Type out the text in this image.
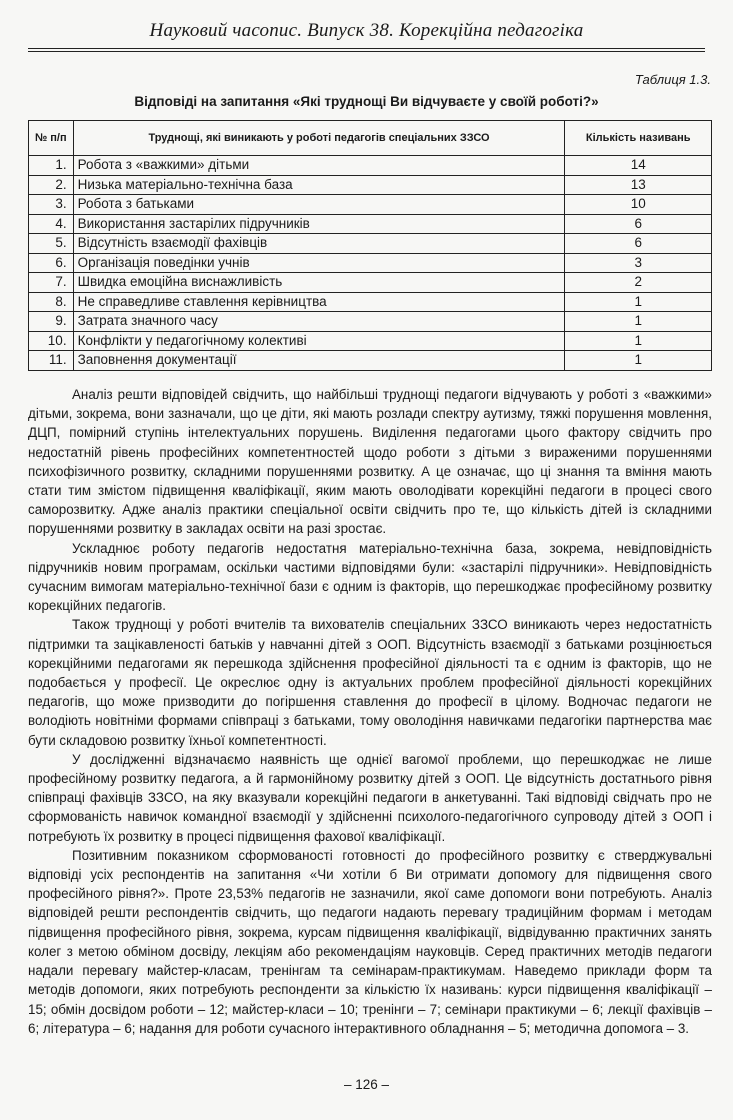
Науковий часопис. Випуск 38. Корекційна педагогіка
Таблиця 1.3.
Відповіді на запитання «Які труднощі Ви відчуваєте у своїй роботі?»
№ п/п	Труднощі, які виникають у роботі педагогів спеціальних ЗЗСО	Кількість називань
1.	Робота з «важкими» дітьми	14
2.	Низька матеріально-технічна база	13
3.	Робота з батьками	10
4.	Використання застарілих підручників	6
5.	Відсутність взаємодії фахівців	6
6.	Організація поведінки учнів	3
7.	Швидка емоційна виснажливість	2
8.	Не справедливе ставлення керівництва	1
9.	Затрата значного часу	1
10.	Конфлікти у педагогічному колективі	1
11.	Заповнення документації	1

Аналіз решти відповідей свідчить, що найбільші труднощі педагоги відчувають у роботі з «важкими» дітьми, зокрема, вони зазначали, що це діти, які мають розлади спектру аутизму, тяжкі порушення мовлення, ДЦП, помірний ступінь інтелектуальних порушень. Виділення педагогами цього фактору свідчить про недостатній рівень професійних компетентностей щодо роботи з дітьми з вираженими порушеннями психофізичного розвитку, складними порушеннями розвитку. А це означає, що ці знання та вміння мають стати тим змістом підвищення кваліфікації, яким мають оволодівати корекційні педагоги в процесі свого саморозвитку. Адже аналіз практики спеціальної освіти свідчить про те, що кількість дітей із складними порушеннями розвитку в закладах освіти на разі зростає.

Ускладнює роботу педагогів недостатня матеріально-технічна база, зокрема, невідповідність підручників новим програмам, оскільки частими відповідями були: «застарілі підручники». Невідповідність сучасним вимогам матеріально-технічної бази є одним із факторів, що перешкоджає професійному розвитку корекційних педагогів.

Також труднощі у роботі вчителів та вихователів спеціальних ЗЗСО виникають через недостатність підтримки та зацікавленості батьків у навчанні дітей з ООП. Відсутність взаємодії з батьками розцінюється корекційними педагогами як перешкода здійснення професійної діяльності та є одним із факторів, що не подобається у професії. Це окреслює одну із актуальних проблем професійної діяльності корекційних педагогів, що може призводити до погіршення ставлення до професії в цілому. Водночас педагоги не володіють новітніми формами співпраці з батьками, тому оволодіння навичками педагогіки партнерства має бути складовою розвитку їхньої компетентності.

У дослідженні відзначаємо наявність ще однієї вагомої проблеми, що перешкоджає не лише професійному розвитку педагога, а й гармонійному розвитку дітей з ООП. Це відсутність достатнього рівня співпраці фахівців ЗЗСО, на яку вказували корекційні педагоги в анкетуванні. Такі відповіді свідчать про не сформованість навичок командної взаємодії у здійсненні психолого-педагогічного супроводу дітей з ООП і потребують їх розвитку в процесі підвищення фахової кваліфікації.

Позитивним показником сформованості готовності до професійного розвитку є стверджувальні відповіді усіх респондентів на запитання «Чи хотіли б Ви отримати допомогу для підвищення свого професійного рівня?». Проте 23,53% педагогів не зазначили, якої саме допомоги вони потребують. Аналіз відповідей решти респондентів свідчить, що педагоги надають перевагу традиційним формам і методам підвищення професійного рівня, зокрема, курсам підвищення кваліфікації, відвідуванню практичних занять колег з метою обміном досвіду, лекціям або рекомендаціям науковців. Серед практичних методів педагоги надали перевагу майстер-класам, тренінгам та семінарам-практикумам. Наведемо приклади форм та методів допомоги, яких потребують респонденти за кількістю їх називань: курси підвищення кваліфікації – 15; обмін досвідом роботи – 12; майстер-класи – 10; тренінги – 7; семінари практикуми – 6; лекції фахівців – 6; література – 6; надання для роботи сучасного інтерактивного обладнання – 5; методична допомога – 3.

– 126 –
